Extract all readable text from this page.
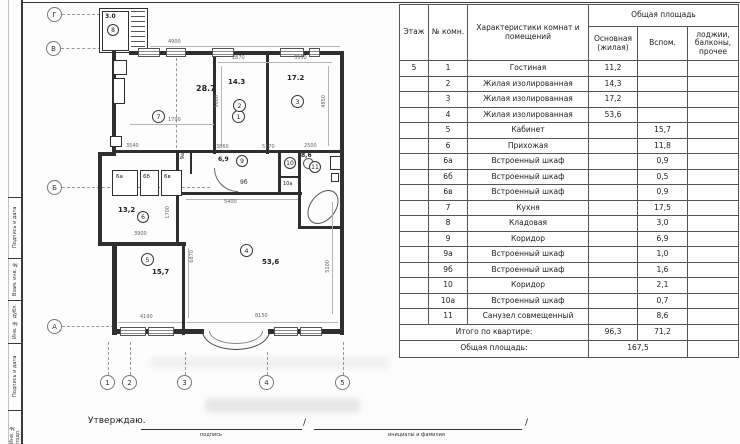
Подпись и дата
Взам. инв. №
Инв. № дубл.
Подпись и дата
Инв. № подл.
Г
В
Б
А
1	2	3	4	5
3.0
8
28.7
7	1
14.3
2
17.2
3
6,9	9
9а
9б
10
10а
8,6
11
6а	6б	6в
13,2
6
5
15,7
4
53,6
4900
2870	3550
5000	4850
1700
3540	3860	5170	2500
5400
3900
1700
6870
4190	8150
5100
Этаж	№ комн.	Характеристики комнат и помещений	Общая площадь		
			Основная (жилая)	Вспом.	лоджии, балконы, прочее
5	1	Гостиная	11,2		
	2	Жилая изолированная	14,3		
	3	Жилая изолированная	17,2		
	4	Жилая изолированная	53,6		
	5	Кабинет		15,7	
	6	Прихожая		11,8	
	6а	Встроенный шкаф		0,9	
	6б	Встроенный шкаф		0,5	
	6в	Встроенный шкаф		0,9	
	7	Кухня		17,5	
	8	Кладовая		3,0	
	9	Коридор		6,9	
	9а	Встроенный шкаф		1,0	
	9б	Встроенный шкаф		1,6	
	10	Коридор		2,1	
	10а	Встроенный шкаф		0,7	
	11	Санузел совмещенный		8,6	
Итого по квартире:			96,3	71,2	
Общая площадь:			167,5		
Утверждаю.	/	/
подпись	инициалы и фамилия
